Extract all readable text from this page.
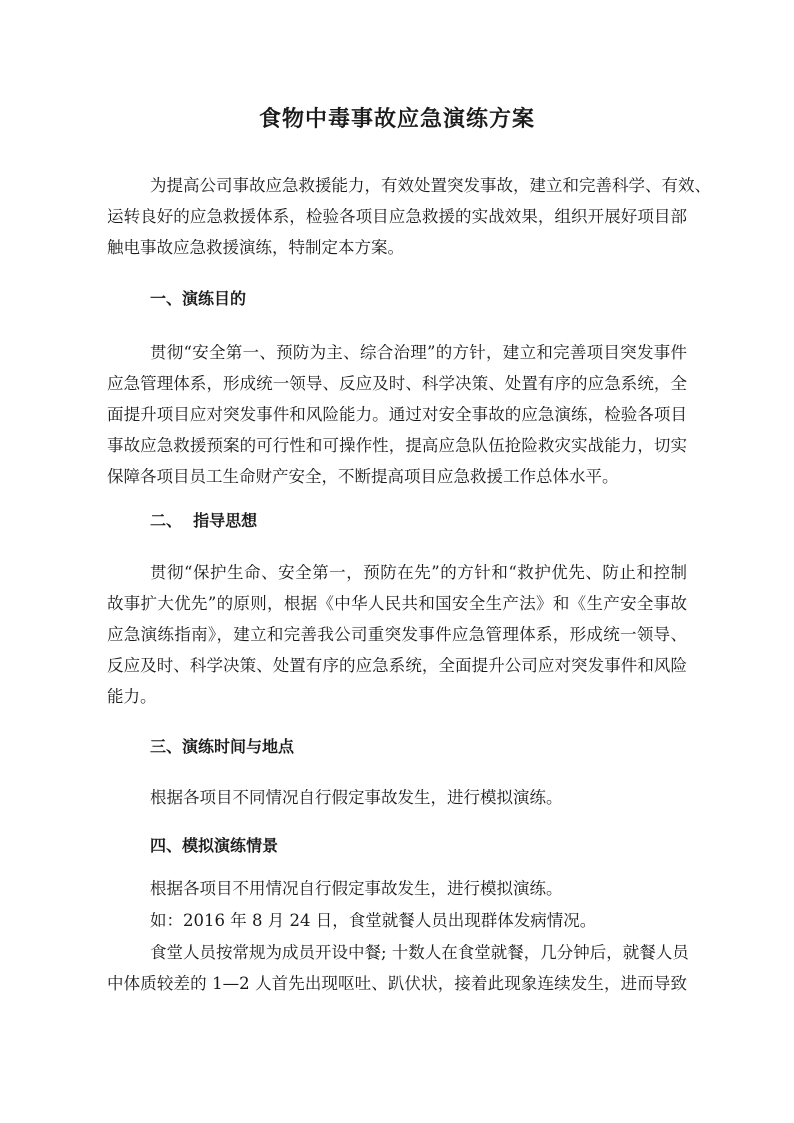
食物中毒事故应急演练方案
为提高公司事故应急救援能力，有效处置突发事故，建立和完善科学、有效、
运转良好的应急救援体系，检验各项目应急救援的实战效果，组织开展好项目部
触电事故应急救援演练，特制定本方案。
一、演练目的
贯彻“安全第一、预防为主、综合治理”的方针，建立和完善项目突发事件
应急管理体系，形成统一领导、反应及时、科学决策、处置有序的应急系统，全
面提升项目应对突发事件和风险能力。通过对安全事故的应急演练，检验各项目
事故应急救援预案的可行性和可操作性，提高应急队伍抢险救灾实战能力，切实
保障各项目员工生命财产安全，不断提高项目应急救援工作总体水平。
二、  指导思想
贯彻“保护生命、安全第一，预防在先”的方针和“救护优先、防止和控制
故事扩大优先”的原则，根据《中华人民共和国安全生产法》和《生产安全事故
应急演练指南》，建立和完善我公司重突发事件应急管理体系，形成统一领导、
反应及时、科学决策、处置有序的应急系统，全面提升公司应对突发事件和风险
能力。
三、演练时间与地点
根据各项目不同情况自行假定事故发生，进行模拟演练。
四、模拟演练情景
根据各项目不用情况自行假定事故发生，进行模拟演练。
如：2016 年 8 月 24 日，食堂就餐人员出现群体发病情况。
食堂人员按常规为成员开设中餐; 十数人在食堂就餐，几分钟后，就餐人员
中体质较差的 1—2 人首先出现呕吐、趴伏状，接着此现象连续发生，进而导致
